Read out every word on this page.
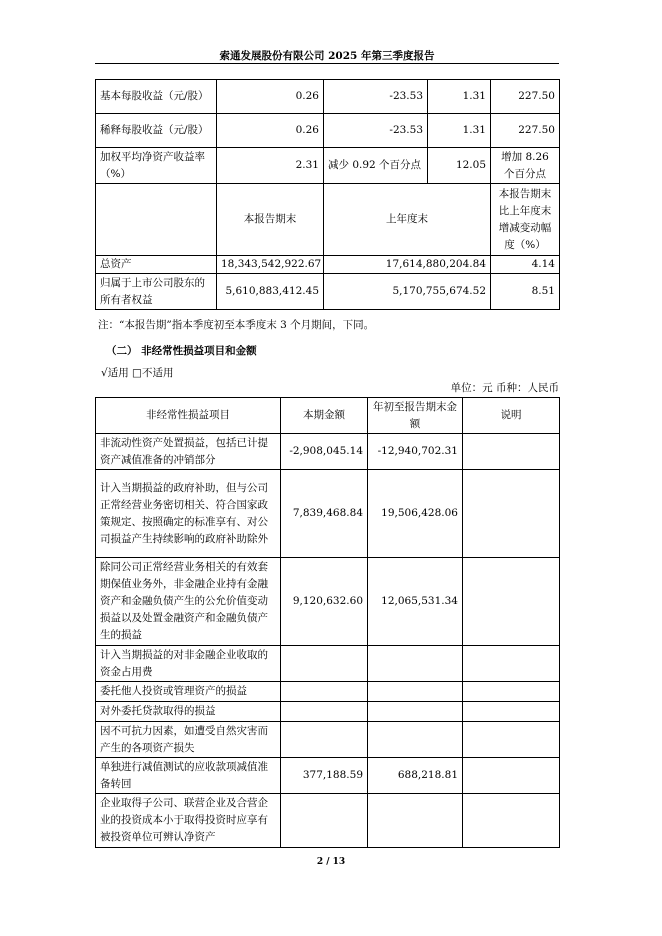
索通发展股份有限公司 2025 年第三季度报告
基本每股收益（元/股）	0.26	-23.53	1.31	227.50
稀释每股收益（元/股）	0.26	-23.53	1.31	227.50
加权平均净资产收益率（%）	2.31	减少 0.92 个百分点	12.05	增加 8.26 个百分点
	本报告期末	上年度末		本报告期末比上年度末增减变动幅度（%）
总资产	18,343,542,922.67	17,614,880,204.84		4.14
归属于上市公司股东的所有者权益	5,610,883,412.45	5,170,755,674.52		8.51
注：“本报告期”指本季度初至本季度末 3 个月期间，下同。
（二） 非经常性损益项目和金额
√适用 □不适用
单位：元 币种：人民币
非经常性损益项目	本期金额	年初至报告期末金额	说明
非流动性资产处置损益，包括已计提资产减值准备的冲销部分	-2,908,045.14	-12,940,702.31	
计入当期损益的政府补助，但与公司正常经营业务密切相关、符合国家政策规定、按照确定的标准享有、对公司损益产生持续影响的政府补助除外	7,839,468.84	19,506,428.06	
除同公司正常经营业务相关的有效套期保值业务外，非金融企业持有金融资产和金融负债产生的公允价值变动损益以及处置金融资产和金融负债产生的损益	9,120,632.60	12,065,531.34	
计入当期损益的对非金融企业收取的资金占用费			
委托他人投资或管理资产的损益			
对外委托贷款取得的损益			
因不可抗力因素，如遭受自然灾害而产生的各项资产损失			
单独进行减值测试的应收款项减值准备转回	377,188.59	688,218.81	
企业取得子公司、联营企业及合营企业的投资成本小于取得投资时应享有被投资单位可辨认净资产			
2 / 13
